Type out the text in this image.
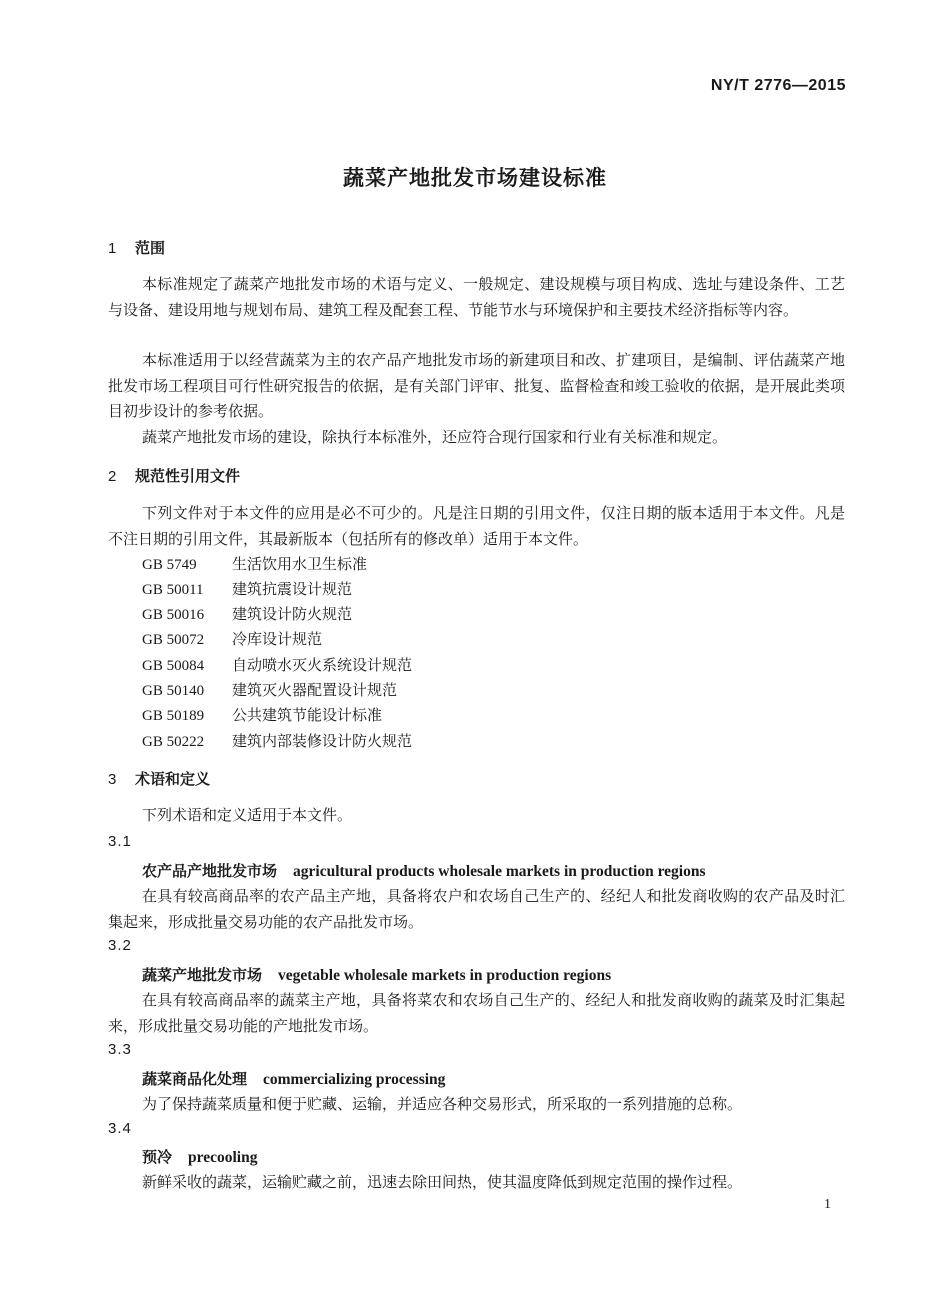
NY/T 2776—2015
蔬菜产地批发市场建设标准
1 范围
本标准规定了蔬菜产地批发市场的术语与定义、一般规定、建设规模与项目构成、选址与建设条件、工艺与设备、建设用地与规划布局、建筑工程及配套工程、节能节水与环境保护和主要技术经济指标等内容。
本标准适用于以经营蔬菜为主的农产品产地批发市场的新建项目和改、扩建项目，是编制、评估蔬菜产地批发市场工程项目可行性研究报告的依据，是有关部门评审、批复、监督检查和竣工验收的依据，是开展此类项目初步设计的参考依据。
蔬菜产地批发市场的建设，除执行本标准外，还应符合现行国家和行业有关标准和规定。
2 规范性引用文件
下列文件对于本文件的应用是必不可少的。凡是注日期的引用文件，仅注日期的版本适用于本文件。凡是不注日期的引用文件，其最新版本（包括所有的修改单）适用于本文件。
GB 5749 生活饮用水卫生标准
GB 50011 建筑抗震设计规范
GB 50016 建筑设计防火规范
GB 50072 冷库设计规范
GB 50084 自动喷水灭火系统设计规范
GB 50140 建筑灭火器配置设计规范
GB 50189 公共建筑节能设计标准
GB 50222 建筑内部装修设计防火规范
3 术语和定义
下列术语和定义适用于本文件。
3.1
农产品产地批发市场 agricultural products wholesale markets in production regions
在具有较高商品率的农产品主产地，具备将农户和农场自己生产的、经纪人和批发商收购的农产品及时汇集起来，形成批量交易功能的农产品批发市场。
3.2
蔬菜产地批发市场 vegetable wholesale markets in production regions
在具有较高商品率的蔬菜主产地，具备将菜农和农场自己生产的、经纪人和批发商收购的蔬菜及时汇集起来，形成批量交易功能的产地批发市场。
3.3
蔬菜商品化处理 commercializing processing
为了保持蔬菜质量和便于贮藏、运输，并适应各种交易形式，所采取的一系列措施的总称。
3.4
预冷 precooling
新鲜采收的蔬菜，运输贮藏之前，迅速去除田间热，使其温度降低到规定范围的操作过程。
1
